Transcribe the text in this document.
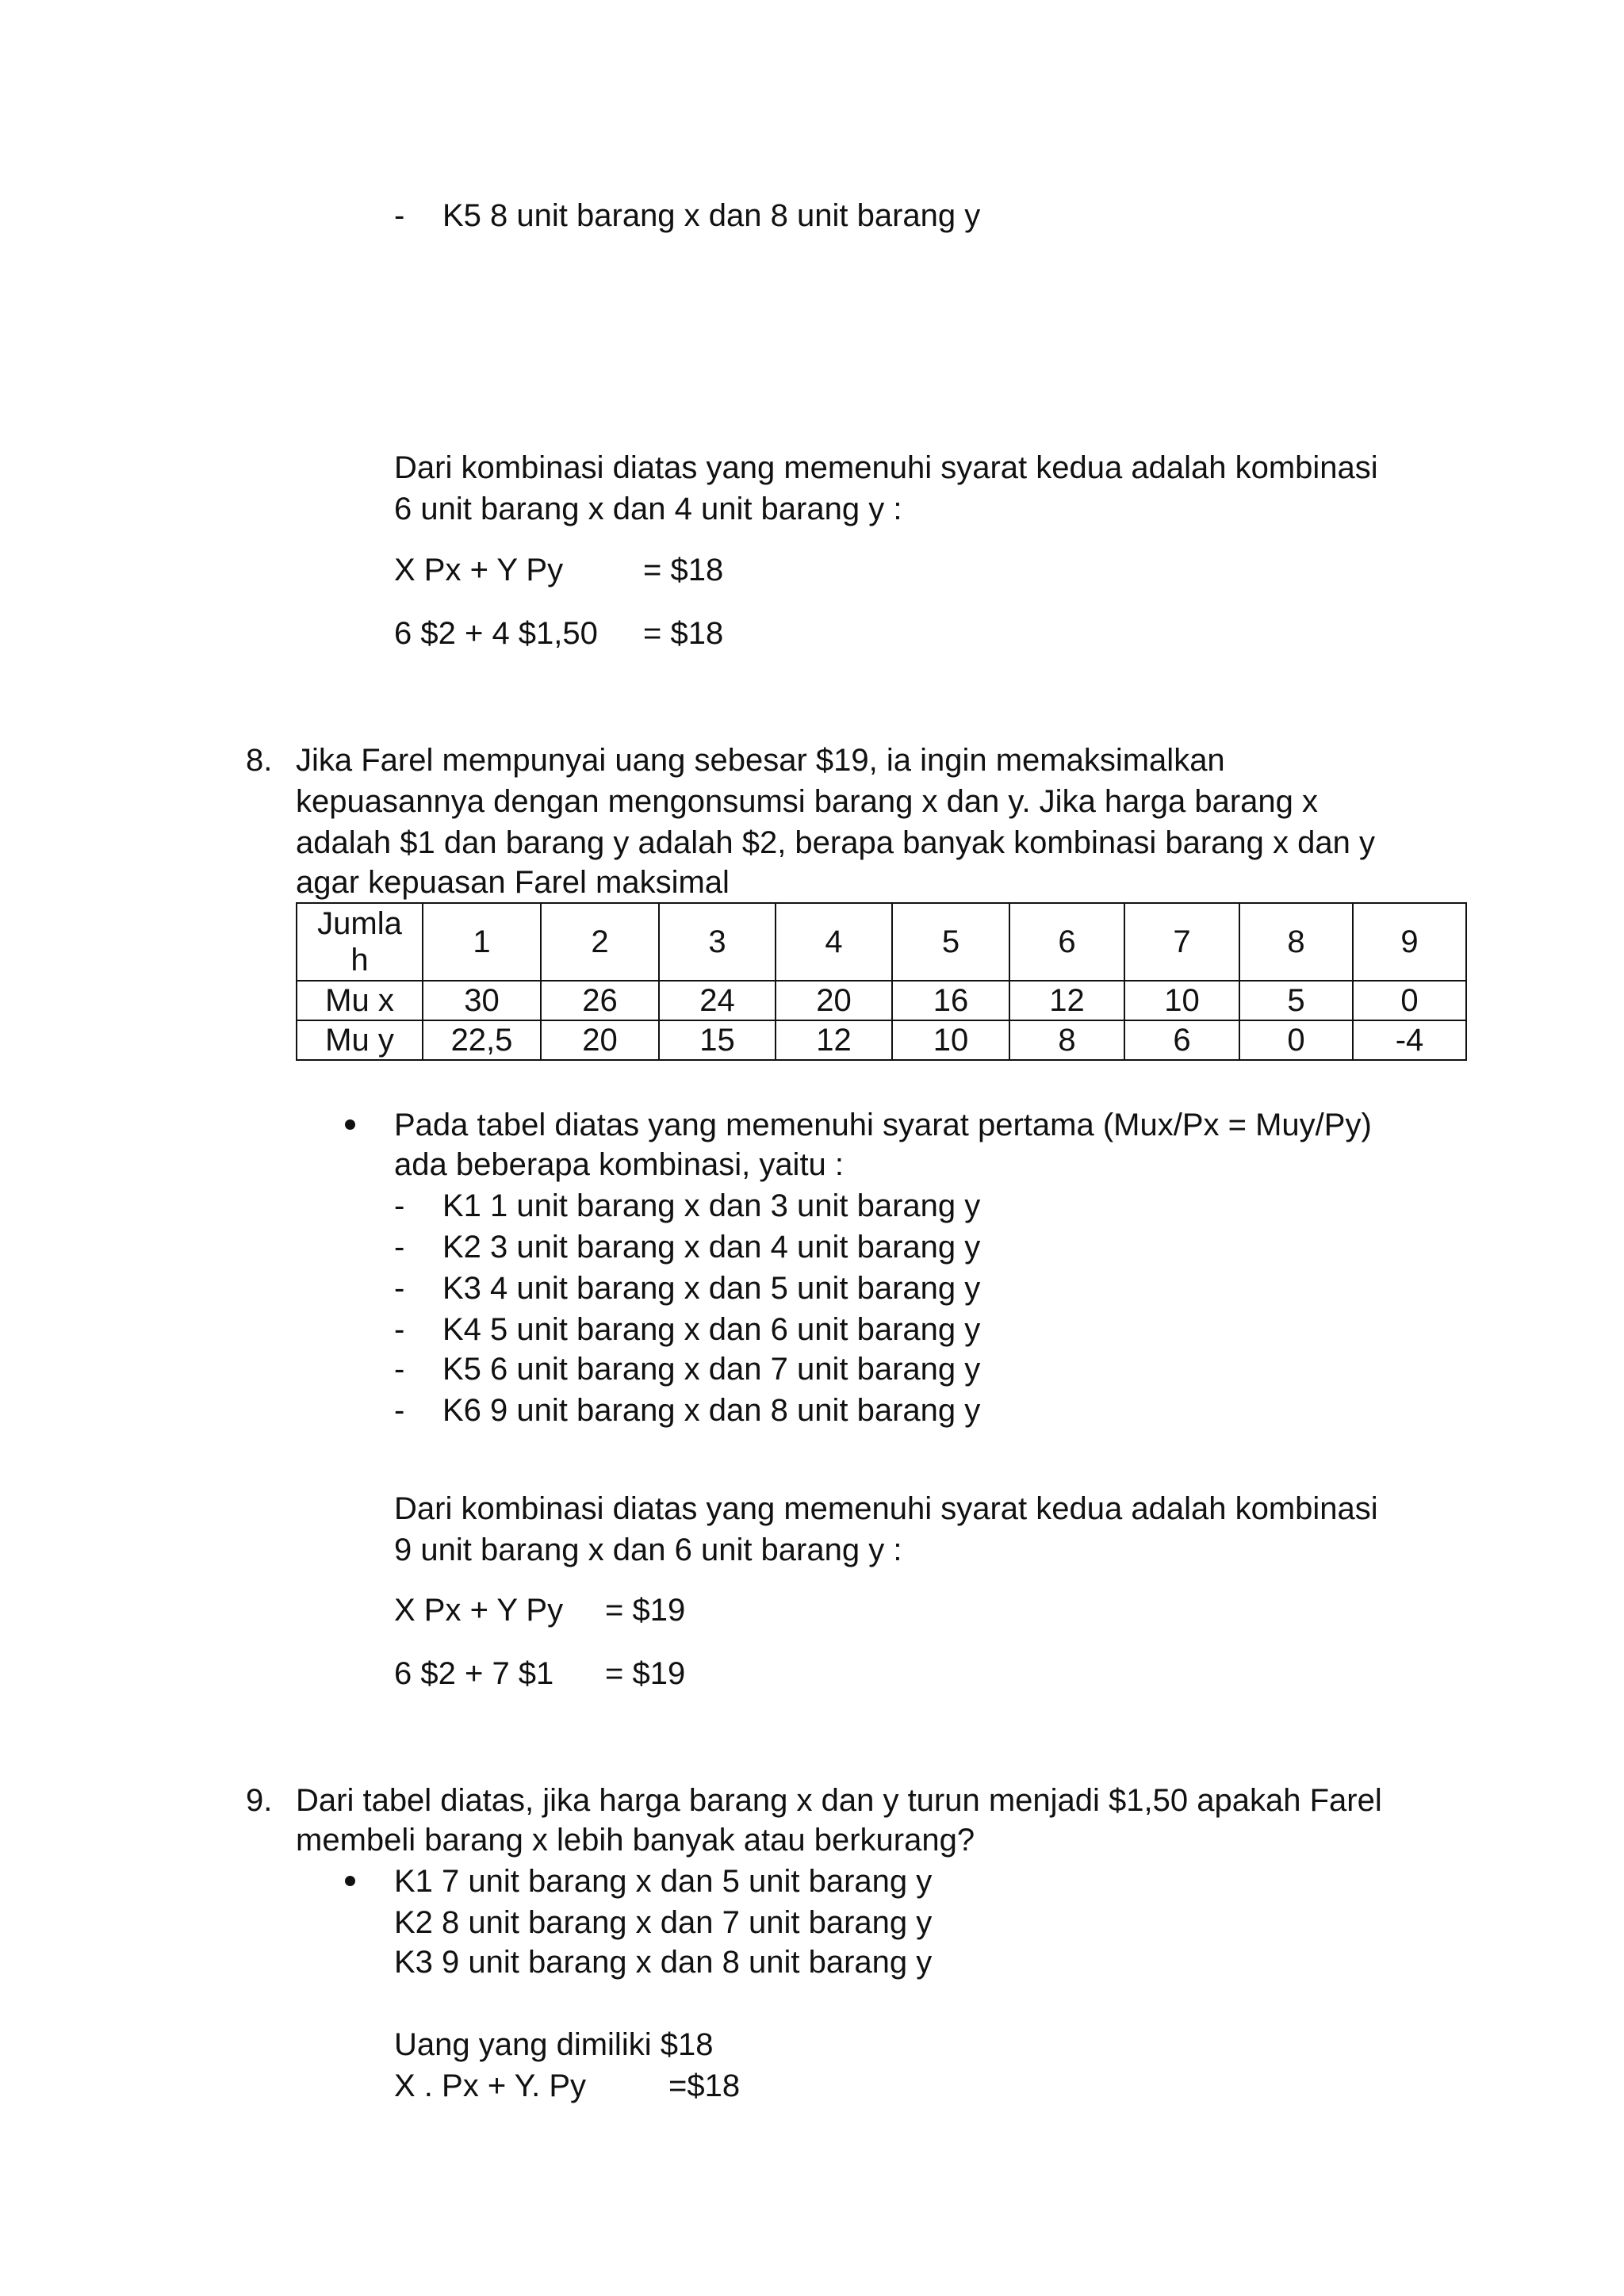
- K5 8 unit barang x dan 8 unit barang y
Dari kombinasi diatas yang memenuhi syarat kedua adalah kombinasi
6 unit barang x dan 4 unit barang y :
X Px + Y Py	= $18
6 $2 + 4 $1,50 = $18
8. Jika Farel mempunyai uang sebesar $19, ia ingin memaksimalkan
kepuasannya dengan mengonsumsi barang x dan y. Jika harga barang x
adalah $1 dan barang y adalah $2, berapa banyak kombinasi barang x dan y
agar kepuasan Farel maksimal
Jumla
h	1	2	3	4	5	6	7	8	9
Mu x	30	26	24	20	16	12	10	5	0
Mu y	22,5	20	15	12	10	8	6	0	-4
Pada tabel diatas yang memenuhi syarat pertama (Mux/Px = Muy/Py)
ada beberapa kombinasi, yaitu :
- K1 1 unit barang x dan 3 unit barang y
- K2 3 unit barang x dan 4 unit barang y
- K3 4 unit barang x dan 5 unit barang y
- K4 5 unit barang x dan 6 unit barang y
- K5 6 unit barang x dan 7 unit barang y
- K6 9 unit barang x dan 8 unit barang y
Dari kombinasi diatas yang memenuhi syarat kedua adalah kombinasi
9 unit barang x dan 6 unit barang y :
X Px + Y Py = $19
6 $2 + 7 $1 = $19
9. Dari tabel diatas, jika harga barang x dan y turun menjadi $1,50 apakah Farel
membeli barang x lebih banyak atau berkurang?
K1 7 unit barang x dan 5 unit barang y
K2 8 unit barang x dan 7 unit barang y
K3 9 unit barang x dan 8 unit barang y
Uang yang dimiliki $18
X . Px + Y. Py	=$18
